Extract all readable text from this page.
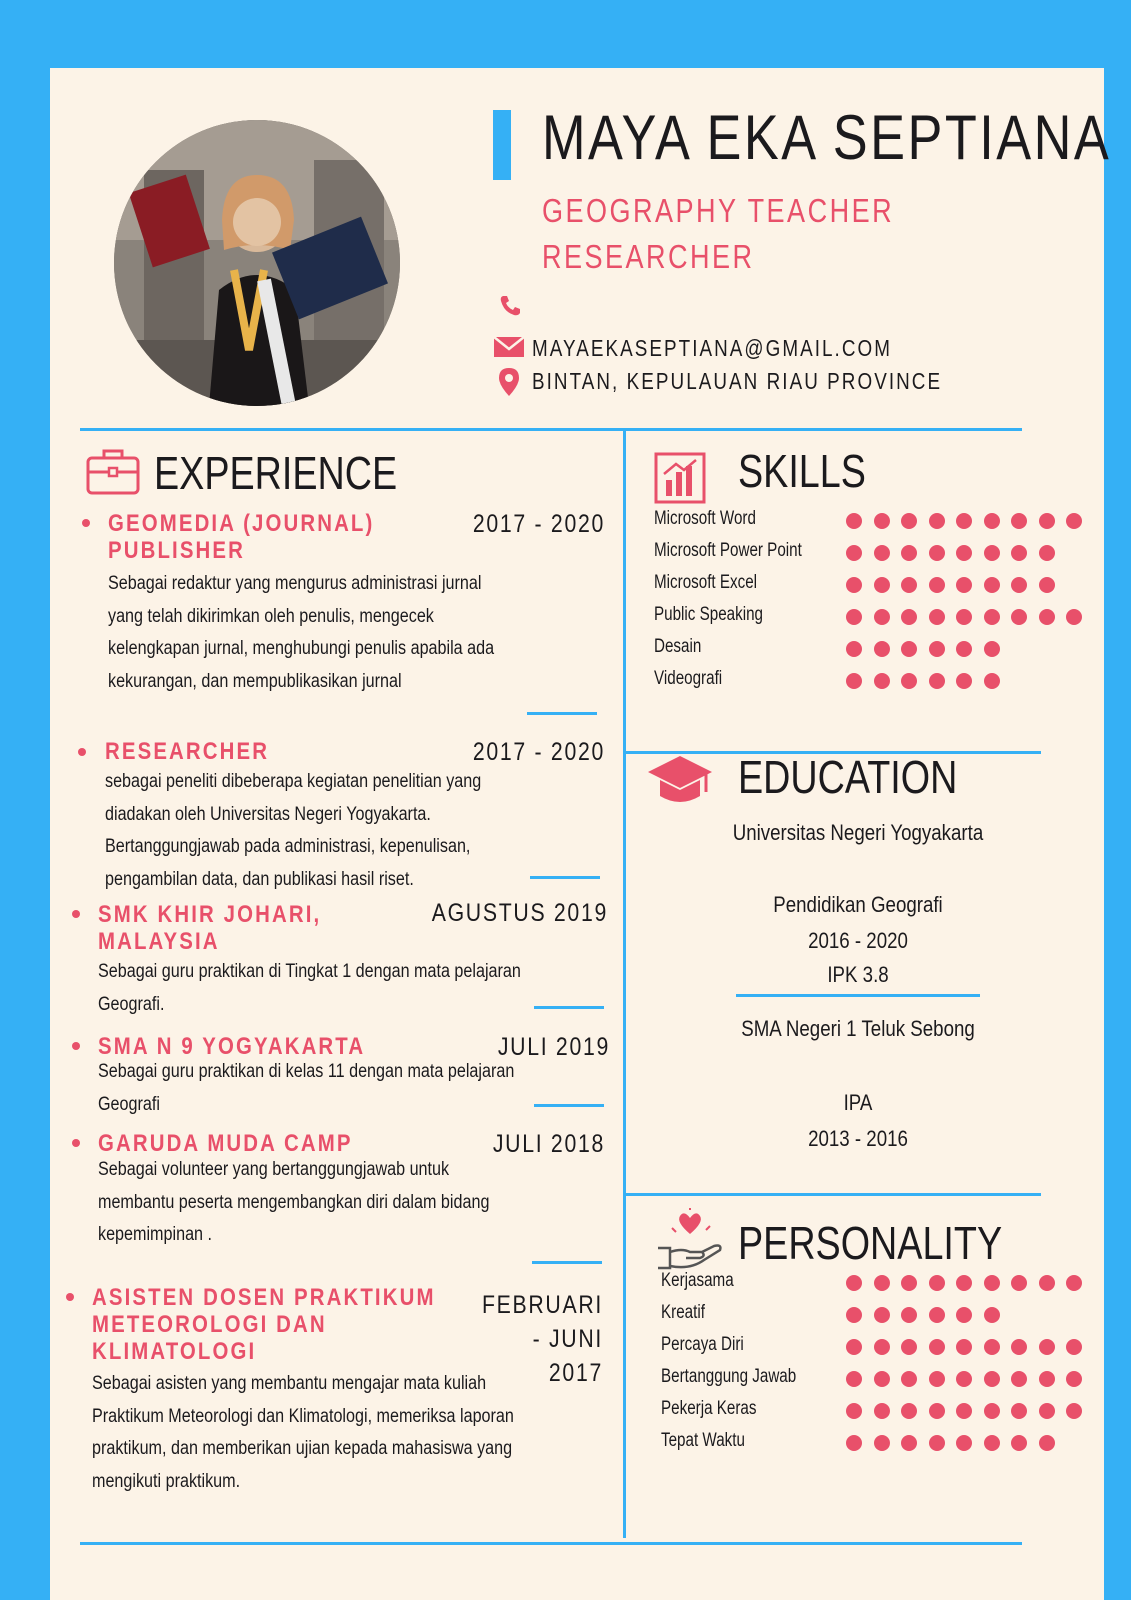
MAYA EKA SEPTIANA
GEOGRAPHY TEACHER
RESEARCHER
MAYAEKASEPTIANA@GMAIL.COM
BINTAN, KEPULAUAN RIAU PROVINCE
EXPERIENCE
GEOMEDIA (JOURNAL) PUBLISHER
2017 - 2020
Sebagai redaktur yang mengurus administrasi jurnal yang telah dikirimkan oleh penulis, mengecek kelengkapan jurnal, menghubungi penulis apabila ada kekurangan, dan mempublikasikan jurnal
RESEARCHER	2017 - 2020
sebagai peneliti dibeberapa kegiatan penelitian yang diadakan oleh Universitas Negeri Yogyakarta. Bertanggungjawab pada administrasi, kepenulisan, pengambilan data, dan publikasi hasil riset.
SMK KHIR JOHARI, MALAYSIA
AGUSTUS 2019
Sebagai guru praktikan di Tingkat 1 dengan mata pelajaran Geografi.
SMA N 9 YOGYAKARTA	JULI 2019
Sebagai guru praktikan di kelas 11 dengan mata pelajaran Geografi
GARUDA MUDA CAMP	JULI 2018
Sebagai volunteer yang bertanggungjawab untuk membantu peserta mengembangkan diri dalam bidang kepemimpinan .
ASISTEN DOSEN PRAKTIKUM METEOROLOGI DAN KLIMATOLOGI
FEBRUARI - JUNI 2017
Sebagai asisten yang membantu mengajar mata kuliah Praktikum Meteorologi dan Klimatologi, memeriksa laporan praktikum, dan memberikan ujian kepada mahasiswa yang mengikuti praktikum.
SKILLS
Microsoft Word
Microsoft Power Point
Microsoft Excel
Public Speaking
Desain
Videografi
EDUCATION
Universitas Negeri Yogyakarta
Pendidikan Geografi
2016 - 2020
IPK 3.8
SMA Negeri 1 Teluk Sebong
IPA
2013 - 2016
PERSONALITY
Kerjasama
Kreatif
Percaya Diri
Bertanggung Jawab
Pekerja Keras
Tepat Waktu
